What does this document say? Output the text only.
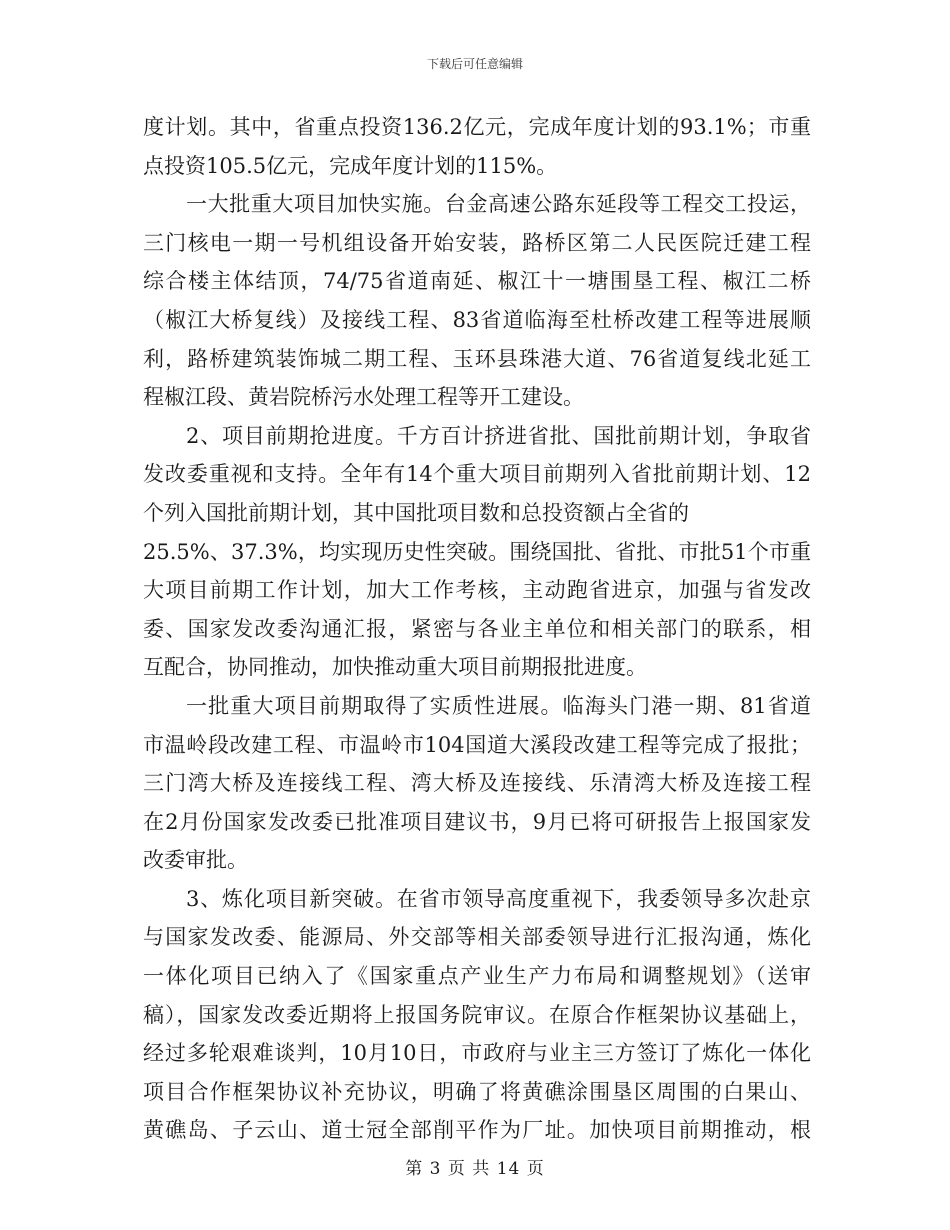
下载后可任意编辑
度计划。其中，省重点投资136.2亿元，完成年度计划的93.1%；市重
点投资105.5亿元，完成年度计划的115%。
一大批重大项目加快实施。台金高速公路东延段等工程交工投运，
三门核电一期一号机组设备开始安装，路桥区第二人民医院迁建工程
综合楼主体结顶，74/75省道南延、椒江十一塘围垦工程、椒江二桥
（椒江大桥复线）及接线工程、83省道临海至杜桥改建工程等进展顺
利，路桥建筑装饰城二期工程、玉环县珠港大道、76省道复线北延工
程椒江段、黄岩院桥污水处理工程等开工建设。
2、项目前期抢进度。千方百计挤进省批、国批前期计划，争取省
发改委重视和支持。全年有14个重大项目前期列入省批前期计划、12
个列入国批前期计划，其中国批项目数和总投资额占全省的
25.5%、37.3%，均实现历史性突破。围绕国批、省批、市批51个市重
大项目前期工作计划，加大工作考核，主动跑省进京，加强与省发改
委、国家发改委沟通汇报，紧密与各业主单位和相关部门的联系，相
互配合，协同推动，加快推动重大项目前期报批进度。
一批重大项目前期取得了实质性进展。临海头门港一期、81省道
市温岭段改建工程、市温岭市104国道大溪段改建工程等完成了报批；
三门湾大桥及连接线工程、湾大桥及连接线、乐清湾大桥及连接工程
在2月份国家发改委已批准项目建议书，9月已将可研报告上报国家发
改委审批。
3、炼化项目新突破。在省市领导高度重视下，我委领导多次赴京
与国家发改委、能源局、外交部等相关部委领导进行汇报沟通，炼化
一体化项目已纳入了《国家重点产业生产力布局和调整规划》（送审
稿），国家发改委近期将上报国务院审议。在原合作框架协议基础上，
经过多轮艰难谈判，10月10日，市政府与业主三方签订了炼化一体化
项目合作框架协议补充协议，明确了将黄礁涂围垦区周围的白果山、
黄礁岛、子云山、道士冠全部削平作为厂址。加快项目前期推动，根
第 3 页 共 14 页
